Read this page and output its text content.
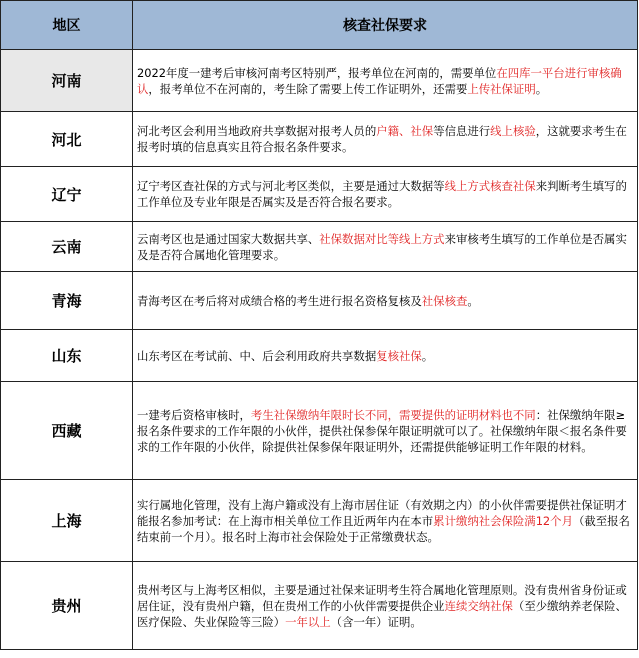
地区	核查社保要求
河南	2022年度一建考后审核河南考区特别严，报考单位在河南的，需要单位在四库一平台进行审核确认，报考单位不在河南的，考生除了需要上传工作证明外，还需要上传社保证明。
河北	河北考区会利用当地政府共享数据对报考人员的户籍、社保等信息进行线上核验，这就要求考生在报考时填的信息真实且符合报名条件要求。
辽宁	辽宁考区查社保的方式与河北考区类似，主要是通过大数据等线上方式核查社保来判断考生填写的工作单位及专业年限是否属实及是否符合报名要求。
云南	云南考区也是通过国家大数据共享、社保数据对比等线上方式来审核考生填写的工作单位是否属实及是否符合属地化管理要求。
青海	青海考区在考后将对成绩合格的考生进行报名资格复核及社保核查。
山东	山东考区在考试前、中、后会利用政府共享数据复核社保。
西藏	一建考后资格审核时，考生社保缴纳年限时长不同，需要提供的证明材料也不同：社保缴纳年限≥报名条件要求的工作年限的小伙伴，提供社保参保年限证明就可以了。社保缴纳年限＜报名条件要求的工作年限的小伙伴，除提供社保参保年限证明外，还需提供能够证明工作年限的材料。
上海	实行属地化管理，没有上海户籍或没有上海市居住证（有效期之内）的小伙伴需要提供社保证明才能报名参加考试：在上海市相关单位工作且近两年内在本市累计缴纳社会保险满12个月（截至报名结束前一个月）。报名时上海市社会保险处于正常缴费状态。
贵州	贵州考区与上海考区相似，主要是通过社保来证明考生符合属地化管理原则。没有贵州省身份证或居住证，没有贵州户籍，但在贵州工作的小伙伴需要提供企业连续交纳社保（至少缴纳养老保险、医疗保险、失业保险等三险）一年以上（含一年）证明。
